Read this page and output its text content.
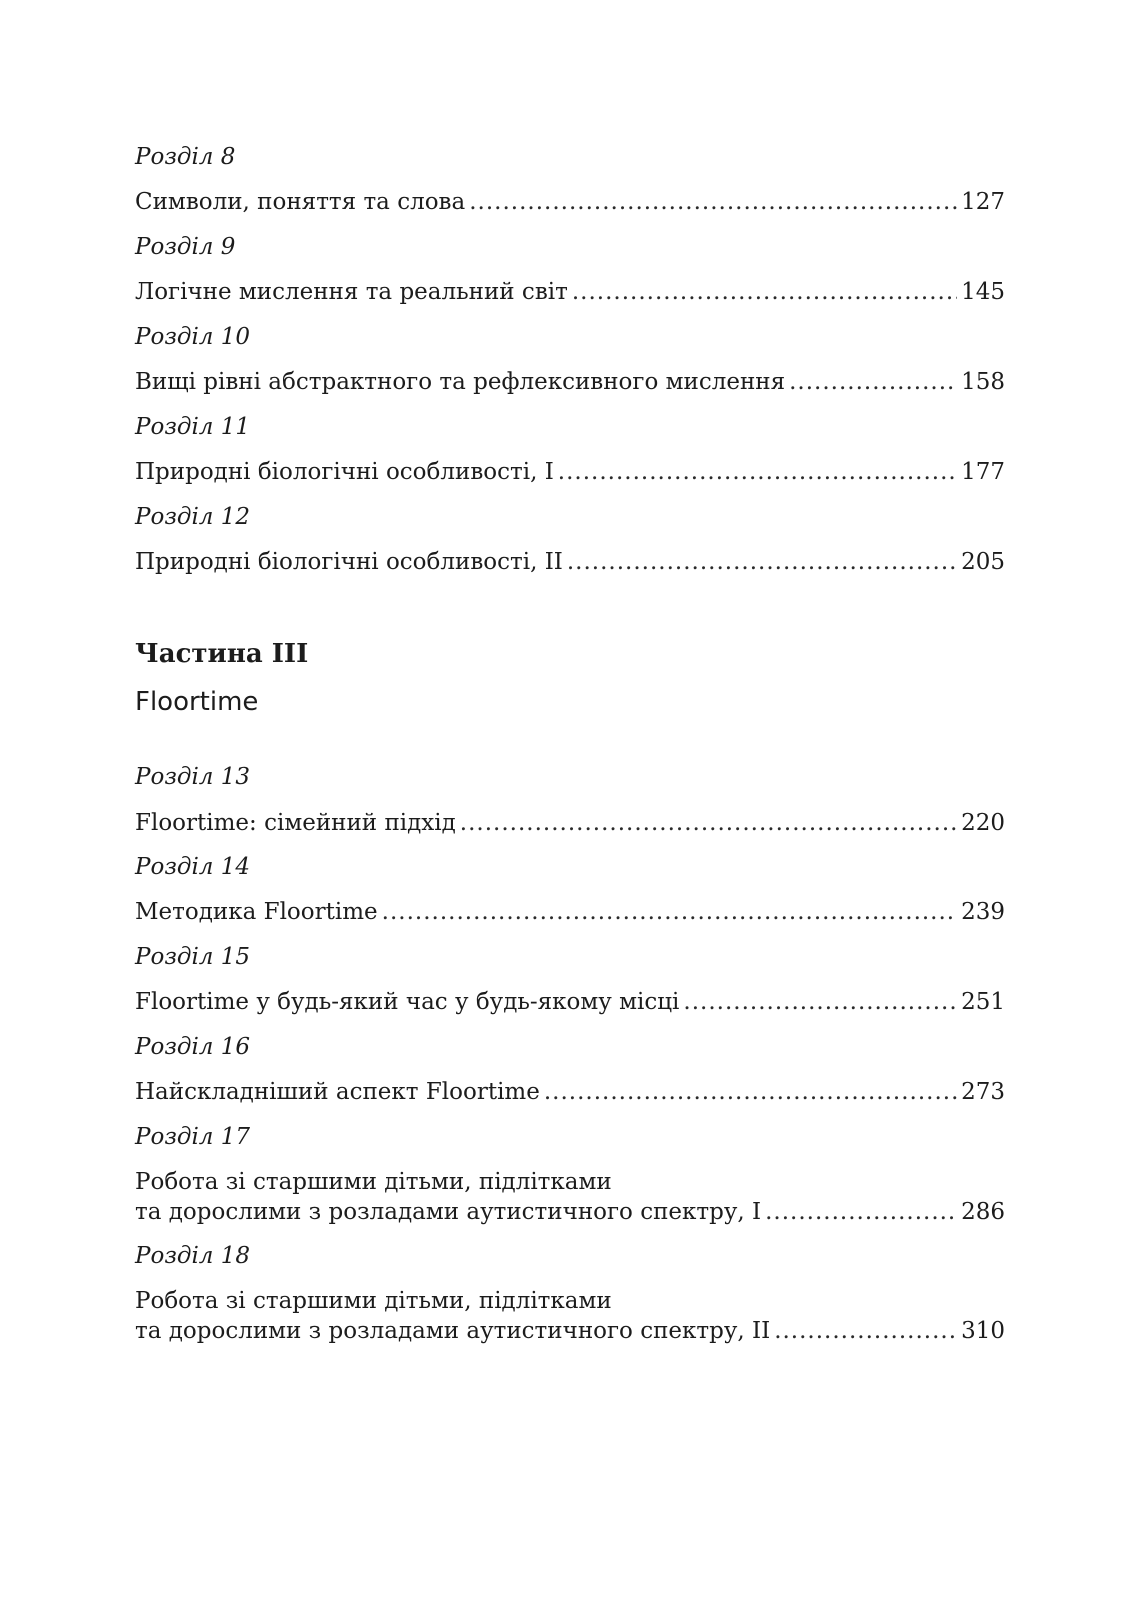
Розділ 8
Символи, поняття та слова .....	127
Розділ 9
Логічне мислення та реальний світ .....	145
Розділ 10
Вищі рівні абстрактного та рефлексивного мислення .....	158
Розділ 11
Природні біологічні особливості, I .....	177
Розділ 12
Природні біологічні особливості, II .....	205
Частина III
Floortime
Розділ 13
Floortime: сімейний підхід .....	220
Розділ 14
Методика Floortime .....	239
Розділ 15
Floortime у будь-який час у будь-якому місці .....	251
Розділ 16
Найскладніший аспект Floortime .....	273
Розділ 17
Робота зі старшими дітьми, підлітками
та дорослими з розладами аутистичного спектру, I .....	286
Розділ 18
Робота зі старшими дітьми, підлітками
та дорослими з розладами аутистичного спектру, II .....	310
